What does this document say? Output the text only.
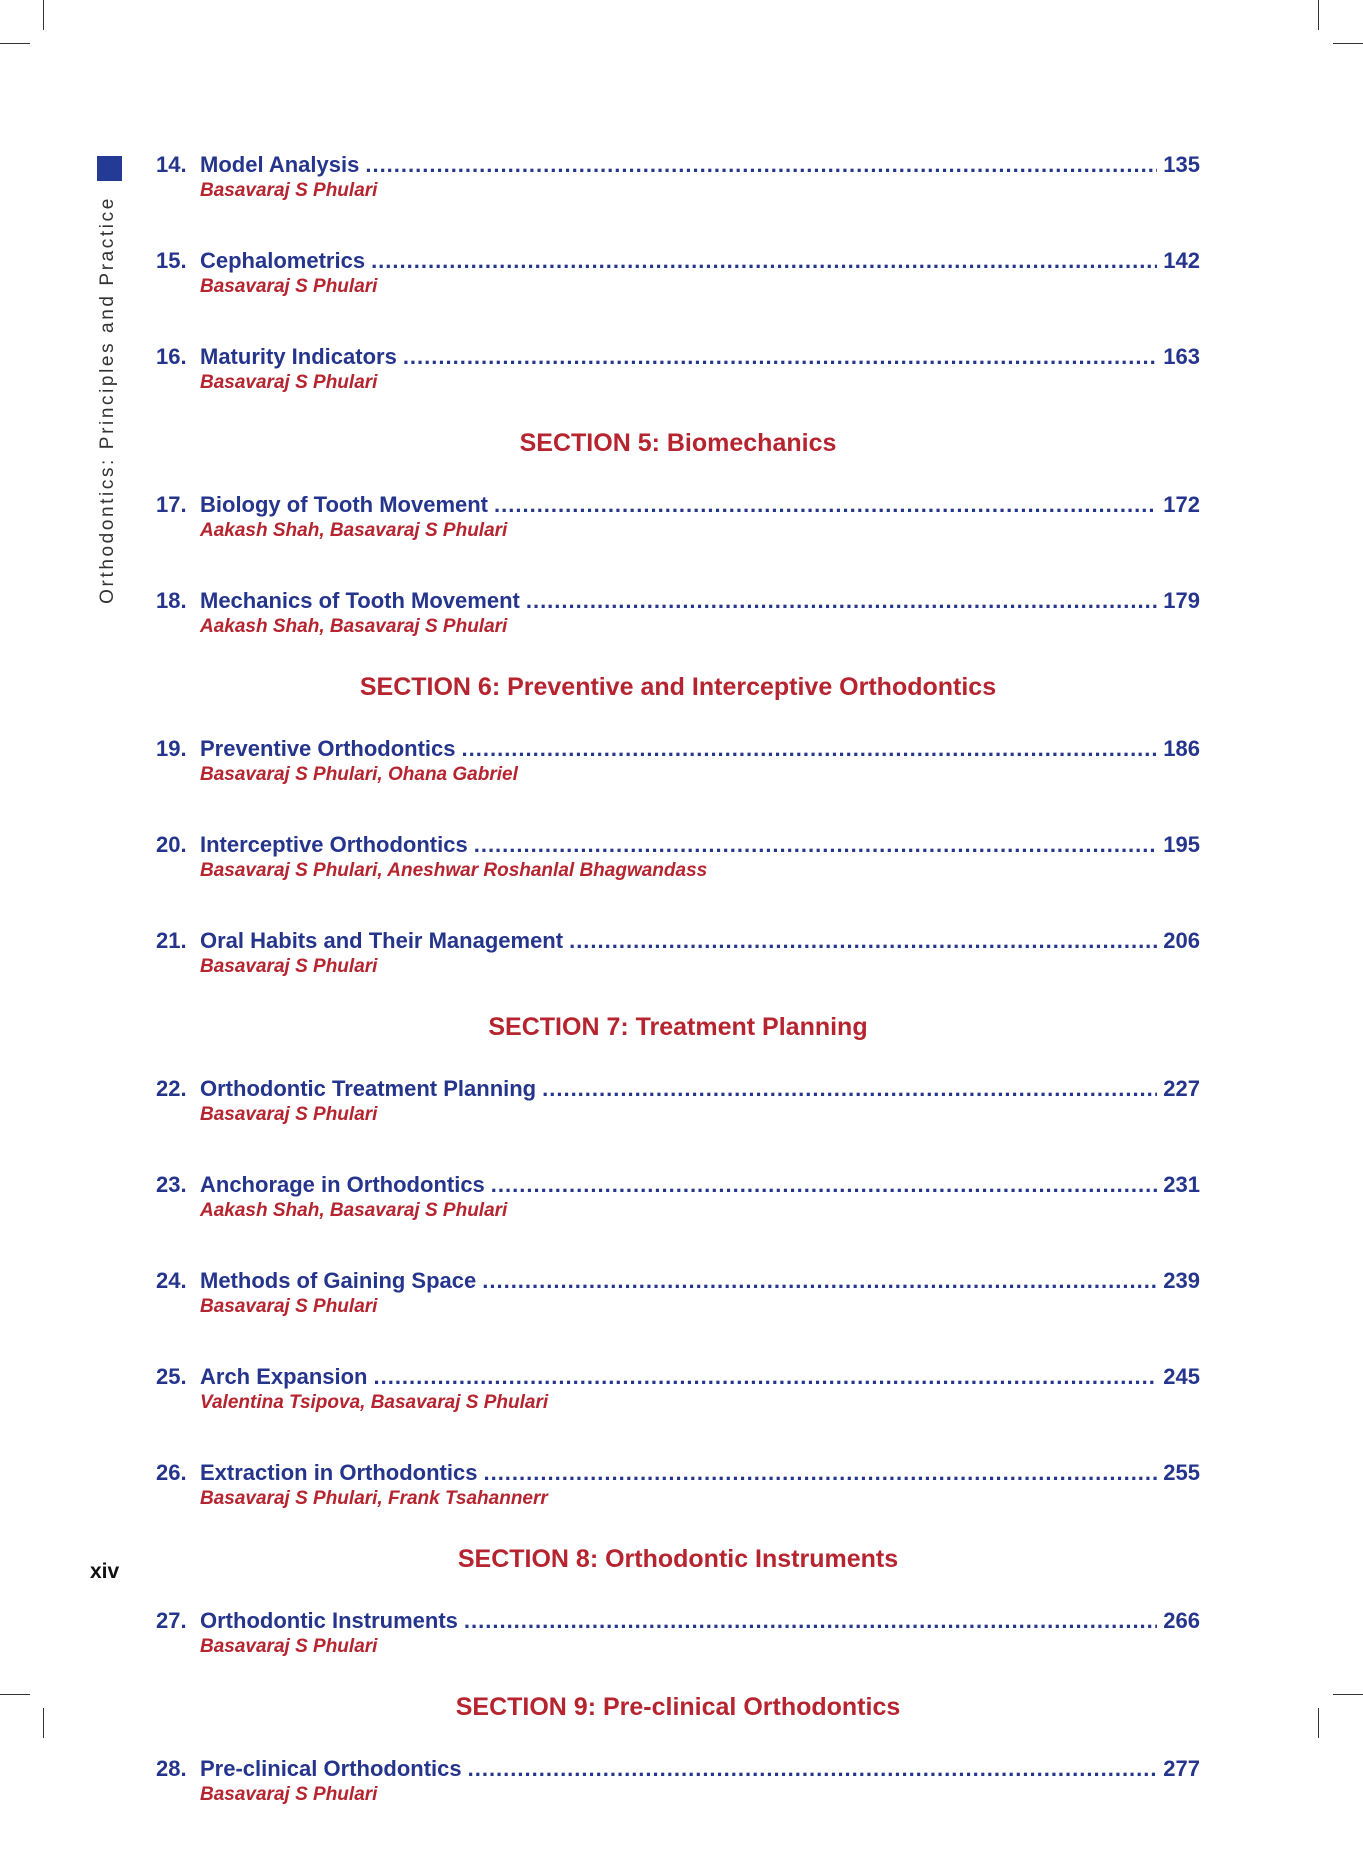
Orthodontics: Principles and Practice
14. Model Analysis .....	135
Basavaraj S Phulari
15. Cephalometrics .....	142
Basavaraj S Phulari
16. Maturity Indicators .....	163
Basavaraj S Phulari
SECTION 5: Biomechanics
17. Biology of Tooth Movement .....	172
Aakash Shah, Basavaraj S Phulari
18. Mechanics of Tooth Movement .....	179
Aakash Shah, Basavaraj S Phulari
SECTION 6: Preventive and Interceptive Orthodontics
19. Preventive Orthodontics .....	186
Basavaraj S Phulari, Ohana Gabriel
20. Interceptive Orthodontics .....	195
Basavaraj S Phulari, Aneshwar Roshanlal Bhagwandass
21. Oral Habits and Their Management .....	206
Basavaraj S Phulari
SECTION 7: Treatment Planning
22. Orthodontic Treatment Planning .....	227
Basavaraj S Phulari
23. Anchorage in Orthodontics .....	231
Aakash Shah, Basavaraj S Phulari
24. Methods of Gaining Space .....	239
Basavaraj S Phulari
25. Arch Expansion .....	245
Valentina Tsipova, Basavaraj S Phulari
26. Extraction in Orthodontics .....	255
Basavaraj S Phulari, Frank Tsahannerr
SECTION 8: Orthodontic Instruments
27. Orthodontic Instruments .....	266
Basavaraj S Phulari
SECTION 9: Pre-clinical Orthodontics
28. Pre-clinical Orthodontics .....	277
Basavaraj S Phulari
xiv
